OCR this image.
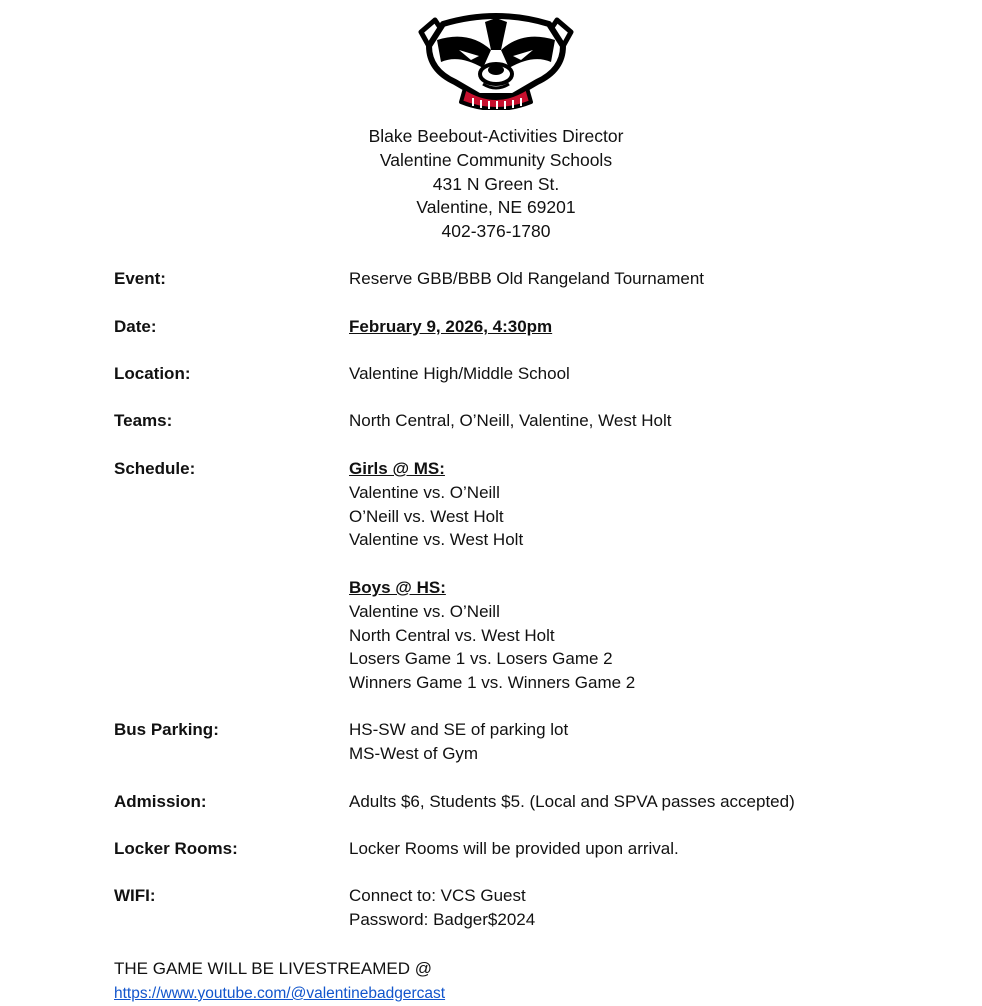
Blake Beebout-Activities Director
Valentine Community Schools
431 N Green St.
Valentine, NE 69201
402-376-1780
Event:	Reserve GBB/BBB Old Rangeland Tournament
Date:	February 9, 2026, 4:30pm
Location:	Valentine High/Middle School
Teams:	North Central, O’Neill, Valentine, West Holt
Schedule:	Girls @ MS:
Valentine vs. O’Neill
O’Neill vs. West Holt
Valentine vs. West Holt
Boys @ HS:
Valentine vs. O’Neill
North Central vs. West Holt
Losers Game 1 vs. Losers Game 2
Winners Game 1 vs. Winners Game 2
Bus Parking:	HS-SW and SE of parking lot
MS-West of Gym
Admission:	Adults $6, Students $5. (Local and SPVA passes accepted)
Locker Rooms:	Locker Rooms will be provided upon arrival.
WIFI:	Connect to: VCS Guest
Password: Badger$2024
THE GAME WILL BE LIVESTREAMED @
https://www.youtube.com/@valentinebadgercast
